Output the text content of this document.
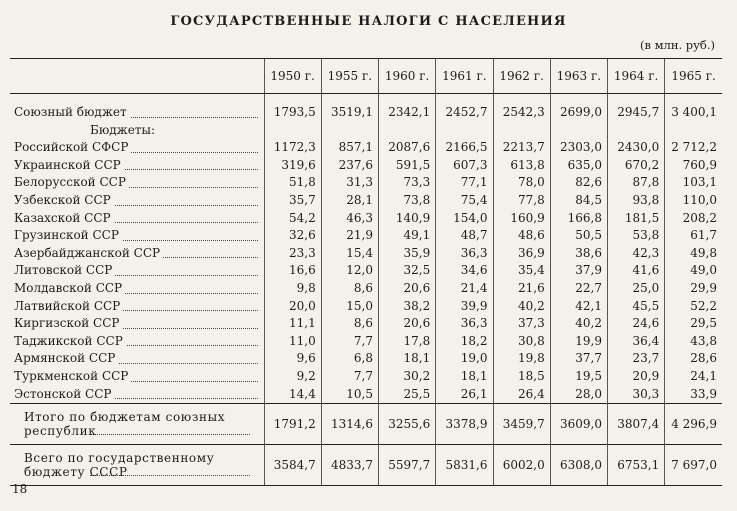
ГОСУДАРСТВЕННЫЕ НАЛОГИ С НАСЕЛЕНИЯ
(в млн. руб.)
	1950 г.	1955 г.	1960 г.	1961 г.	1962 г.	1963 г.	1964 г.	1965 г.

Союзный бюджет	1793,5	3519,1	2342,1	2452,7	2542,3	2699,0	2945,7	3 400,1
Бюджеты:								

Российской СФСР	1172,3	857,1	2087,6	2166,5	2213,7	2303,0	2430,0	2 712,2

Украинской ССР	319,6	237,6	591,5	607,3	613,8	635,0	670,2	760,9

Белорусской ССР	51,8	31,3	73,3	77,1	78,0	82,6	87,8	103,1

Узбекской ССР	35,7	28,1	73,8	75,4	77,8	84,5	93,8	110,0

Казахской ССР	54,2	46,3	140,9	154,0	160,9	166,8	181,5	208,2

Грузинской ССР	32,6	21,9	49,1	48,7	48,6	50,5	53,8	61,7

Азербайджанской ССР	23,3	15,4	35,9	36,3	36,9	38,6	42,3	49,8

Литовской ССР	16,6	12,0	32,5	34,6	35,4	37,9	41,6	49,0

Молдавской ССР	9,8	8,6	20,6	21,4	21,6	22,7	25,0	29,9

Латвийской ССР	20,0	15,0	38,2	39,9	40,2	42,1	45,5	52,2

Киргизской ССР	11,1	8,6	20,6	36,3	37,3	40,2	24,6	29,5

Таджикской ССР	11,0	7,7	17,8	18,2	30,8	19,9	36,4	43,8

Армянской ССР	9,6	6,8	18,1	19,0	19,8	37,7	23,7	28,6

Туркменской ССР	9,2	7,7	30,2	18,1	18,5	19,5	20,9	24,1

Эстонской ССР	14,4	10,5	25,5	26,1	26,4	28,0	30,3	33,9

Итого по бюджетам союзных республик	1791,2	1314,6	3255,6	3378,9	3459,7	3609,0	3807,4	4 296,9

Всего по государственному бюджету СССР	3584,7	4833,7	5597,7	5831,6	6002,0	6308,0	6753,1	7 697,0
18
